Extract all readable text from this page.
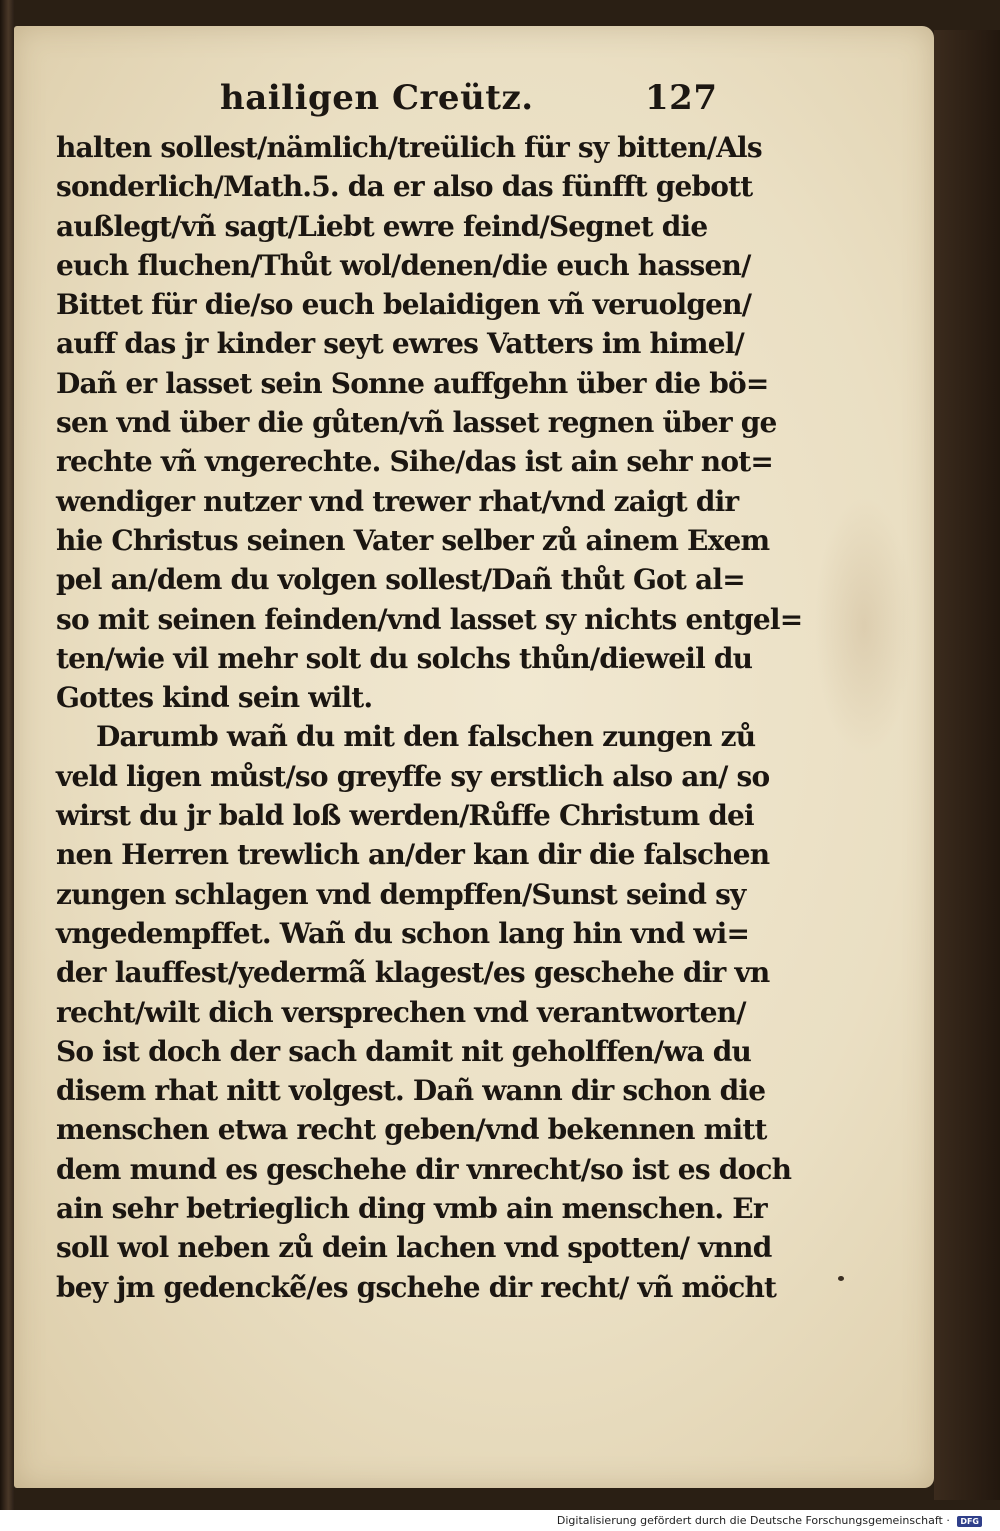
hailigen Creütz.	127
halten sollest/nämlich/treülich für sy bitten/Als
sonderlich/Math.5. da er also das fünfft gebott
außlegt/vñ sagt/Liebt ewre feind/Segnet die
euch fluchen/Thůt wol/denen/die euch hassen/
Bittet für die/so euch belaidigen vñ veruolgen/
auff das jr kinder seyt ewres Vatters im himel/
Dañ er lasset sein Sonne auffgehn über die bö=
sen vnd über die gůten/vñ lasset regnen über ge
rechte vñ vngerechte. Sihe/das ist ain sehr not=
wendiger nutzer vnd trewer rhat/vnd zaigt dir
hie Christus seinen Vater selber zů ainem Exem
pel an/dem du volgen sollest/Dañ thůt Got al=
so mit seinen feinden/vnd lasset sy nichts entgel=
ten/wie vil mehr solt du solchs thůn/dieweil du
Gottes kind sein wilt.
Darumb wañ du mit den falschen zungen zů
veld ligen můst/so greyffe sy erstlich also an/ so
wirst du jr bald loß werden/Růffe Christum dei
nen Herren trewlich an/der kan dir die falschen
zungen schlagen vnd dempffen/Sunst seind sy
vngedempffet. Wañ du schon lang hin vnd wi=
der lauffest/yederma᷉ klagest/es geschehe dir vn
recht/wilt dich versprechen vnd verantworten/
So ist doch der sach damit nit geholffen/wa du
disem rhat nitt volgest. Dañ wann dir schon die
menschen etwa recht geben/vnd bekennen mitt
dem mund es geschehe dir vnrecht/so ist es doch
ain sehr betrieglich ding vmb ain menschen. Er
soll wol neben zů dein lachen vnd spotten/ vnnd
bey jm gedencke᷉/es gschehe dir recht/ vñ möcht
Digitalisierung gefördert durch die Deutsche Forschungsgemeinschaft · DFG
